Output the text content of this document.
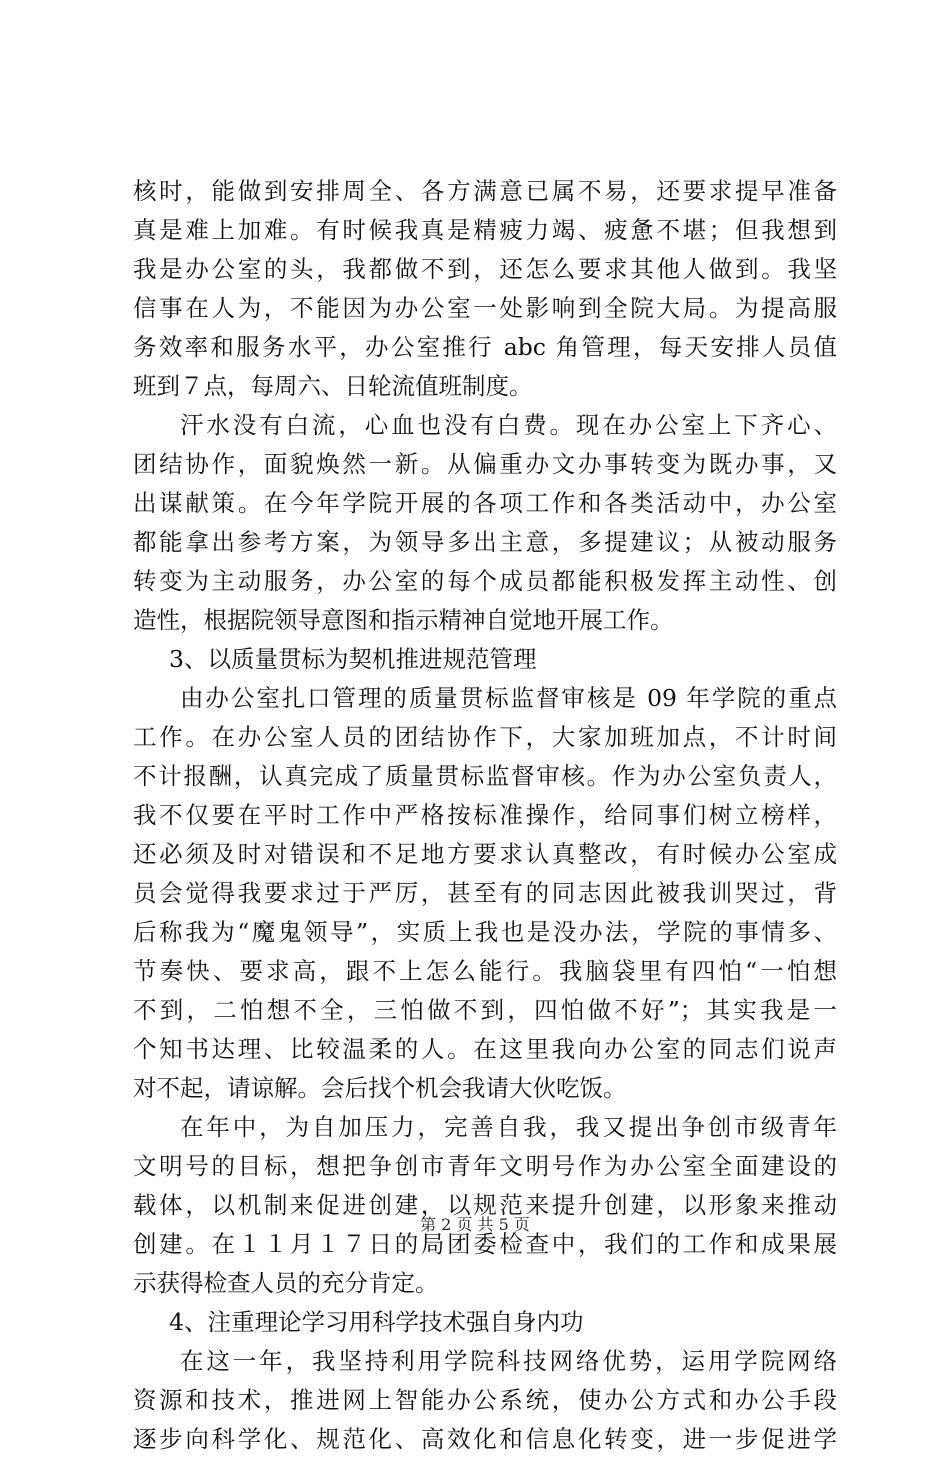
核时，能做到安排周全、各方满意已属不易，还要求提早准备
真是难上加难。有时候我真是精疲力竭、疲惫不堪；但我想到
我是办公室的头，我都做不到，还怎么要求其他人做到。我坚
信事在人为，不能因为办公室一处影响到全院大局。为提高服
务效率和服务水平，办公室推行 abc 角管理，每天安排人员值
班到７点，每周六、日轮流值班制度。
汗水没有白流，心血也没有白费。现在办公室上下齐心、
团结协作，面貌焕然一新。从偏重办文办事转变为既办事，又
出谋献策。在今年学院开展的各项工作和各类活动中，办公室
都能拿出参考方案，为领导多出主意，多提建议；从被动服务
转变为主动服务，办公室的每个成员都能积极发挥主动性、创
造性，根据院领导意图和指示精神自觉地开展工作。
3、以质量贯标为契机推进规范管理
由办公室扎口管理的质量贯标监督审核是 09 年学院的重点
工作。在办公室人员的团结协作下，大家加班加点，不计时间
不计报酬，认真完成了质量贯标监督审核。作为办公室负责人，
我不仅要在平时工作中严格按标准操作，给同事们树立榜样，
还必须及时对错误和不足地方要求认真整改，有时候办公室成
员会觉得我要求过于严厉，甚至有的同志因此被我训哭过，背
后称我为“魔鬼领导”，实质上我也是没办法，学院的事情多、
节奏快、要求高，跟不上怎么能行。我脑袋里有四怕“一怕想
不到，二怕想不全，三怕做不到，四怕做不好”；其实我是一
个知书达理、比较温柔的人。在这里我向办公室的同志们说声
对不起，请谅解。会后找个机会我请大伙吃饭。
在年中，为自加压力，完善自我，我又提出争创市级青年
文明号的目标，想把争创市青年文明号作为办公室全面建设的
载体，以机制来促进创建，以规范来提升创建，以形象来推动
创建。在１１月１７日的局团委检查中，我们的工作和成果展
示获得检查人员的充分肯定。
4、注重理论学习用科学技术强自身内功
在这一年，我坚持利用学院科技网络优势，运用学院网络
资源和技术，推进网上智能办公系统，使办公方式和办公手段
逐步向科学化、规范化、高效化和信息化转变，进一步促进学
第 2 页 共 5 页
